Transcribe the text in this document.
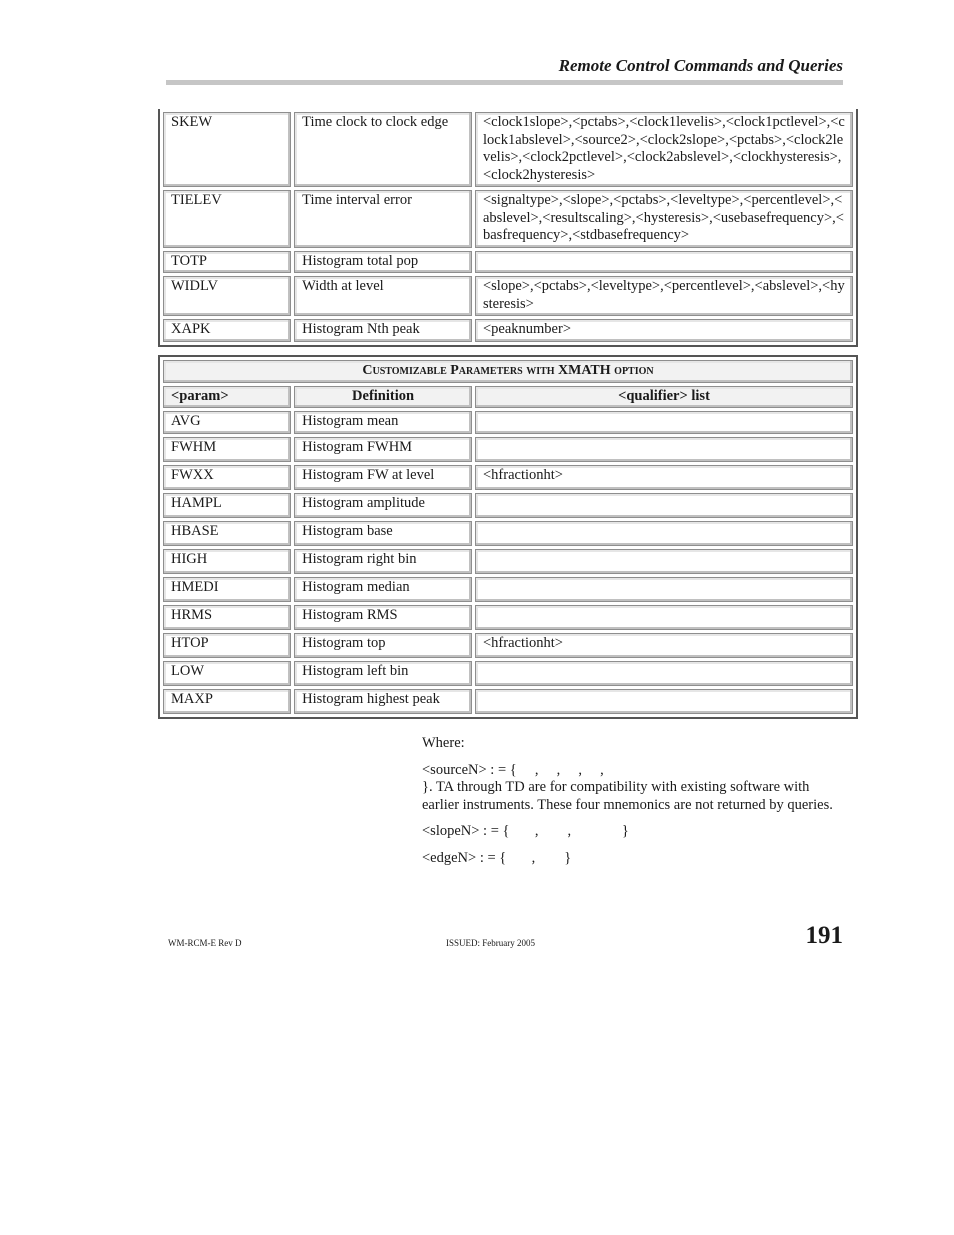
Remote Control Commands and Queries
SKEW	Time clock to clock edge	<clock1slope>,<pctabs>,<clock1levelis>,<clock1pctlevel>,<clock1abslevel>,<source2>,<clock2slope>,<pctabs>,<clock2levelis>,<clock2pctlevel>,<clock2abslevel>,<clockhysteresis>,<clock2hysteresis>
TIELEV	Time interval error	<signaltype>,<slope>,<pctabs>,<leveltype>,<percentlevel>,<abslevel>,<resultscaling>,<hysteresis>,<usebasefrequency>,<basfrequency>,<stdbasefrequency>
TOTP	Histogram total pop	
WIDLV	Width at level	<slope>,<pctabs>,<leveltype>,<percentlevel>,<abslevel>,<hysteresis>
XAPK	Histogram Nth peak	<peaknumber>
Customizable Parameters with XMATH option		
<param>	Definition	<qualifier> list
AVG	Histogram mean	
FWHM	Histogram FWHM	
FWXX	Histogram FW at level	<hfractionht>
HAMPL	Histogram amplitude	
HBASE	Histogram base	
HIGH	Histogram right bin	
HMEDI	Histogram median	
HRMS	Histogram RMS	
HTOP	Histogram top	<hfractionht>
LOW	Histogram left bin	
MAXP	Histogram highest peak	

Where:

<sourceN> : = {     ,     ,     ,     ,
}. TA through TD are for compatibility with existing software with earlier instruments. These four mnemonics are not returned by queries.

<slopeN> : = {       ,        ,              }

<edgeN> : = {       ,        }

WM-RCM-E Rev D	ISSUED: February 2005	191
